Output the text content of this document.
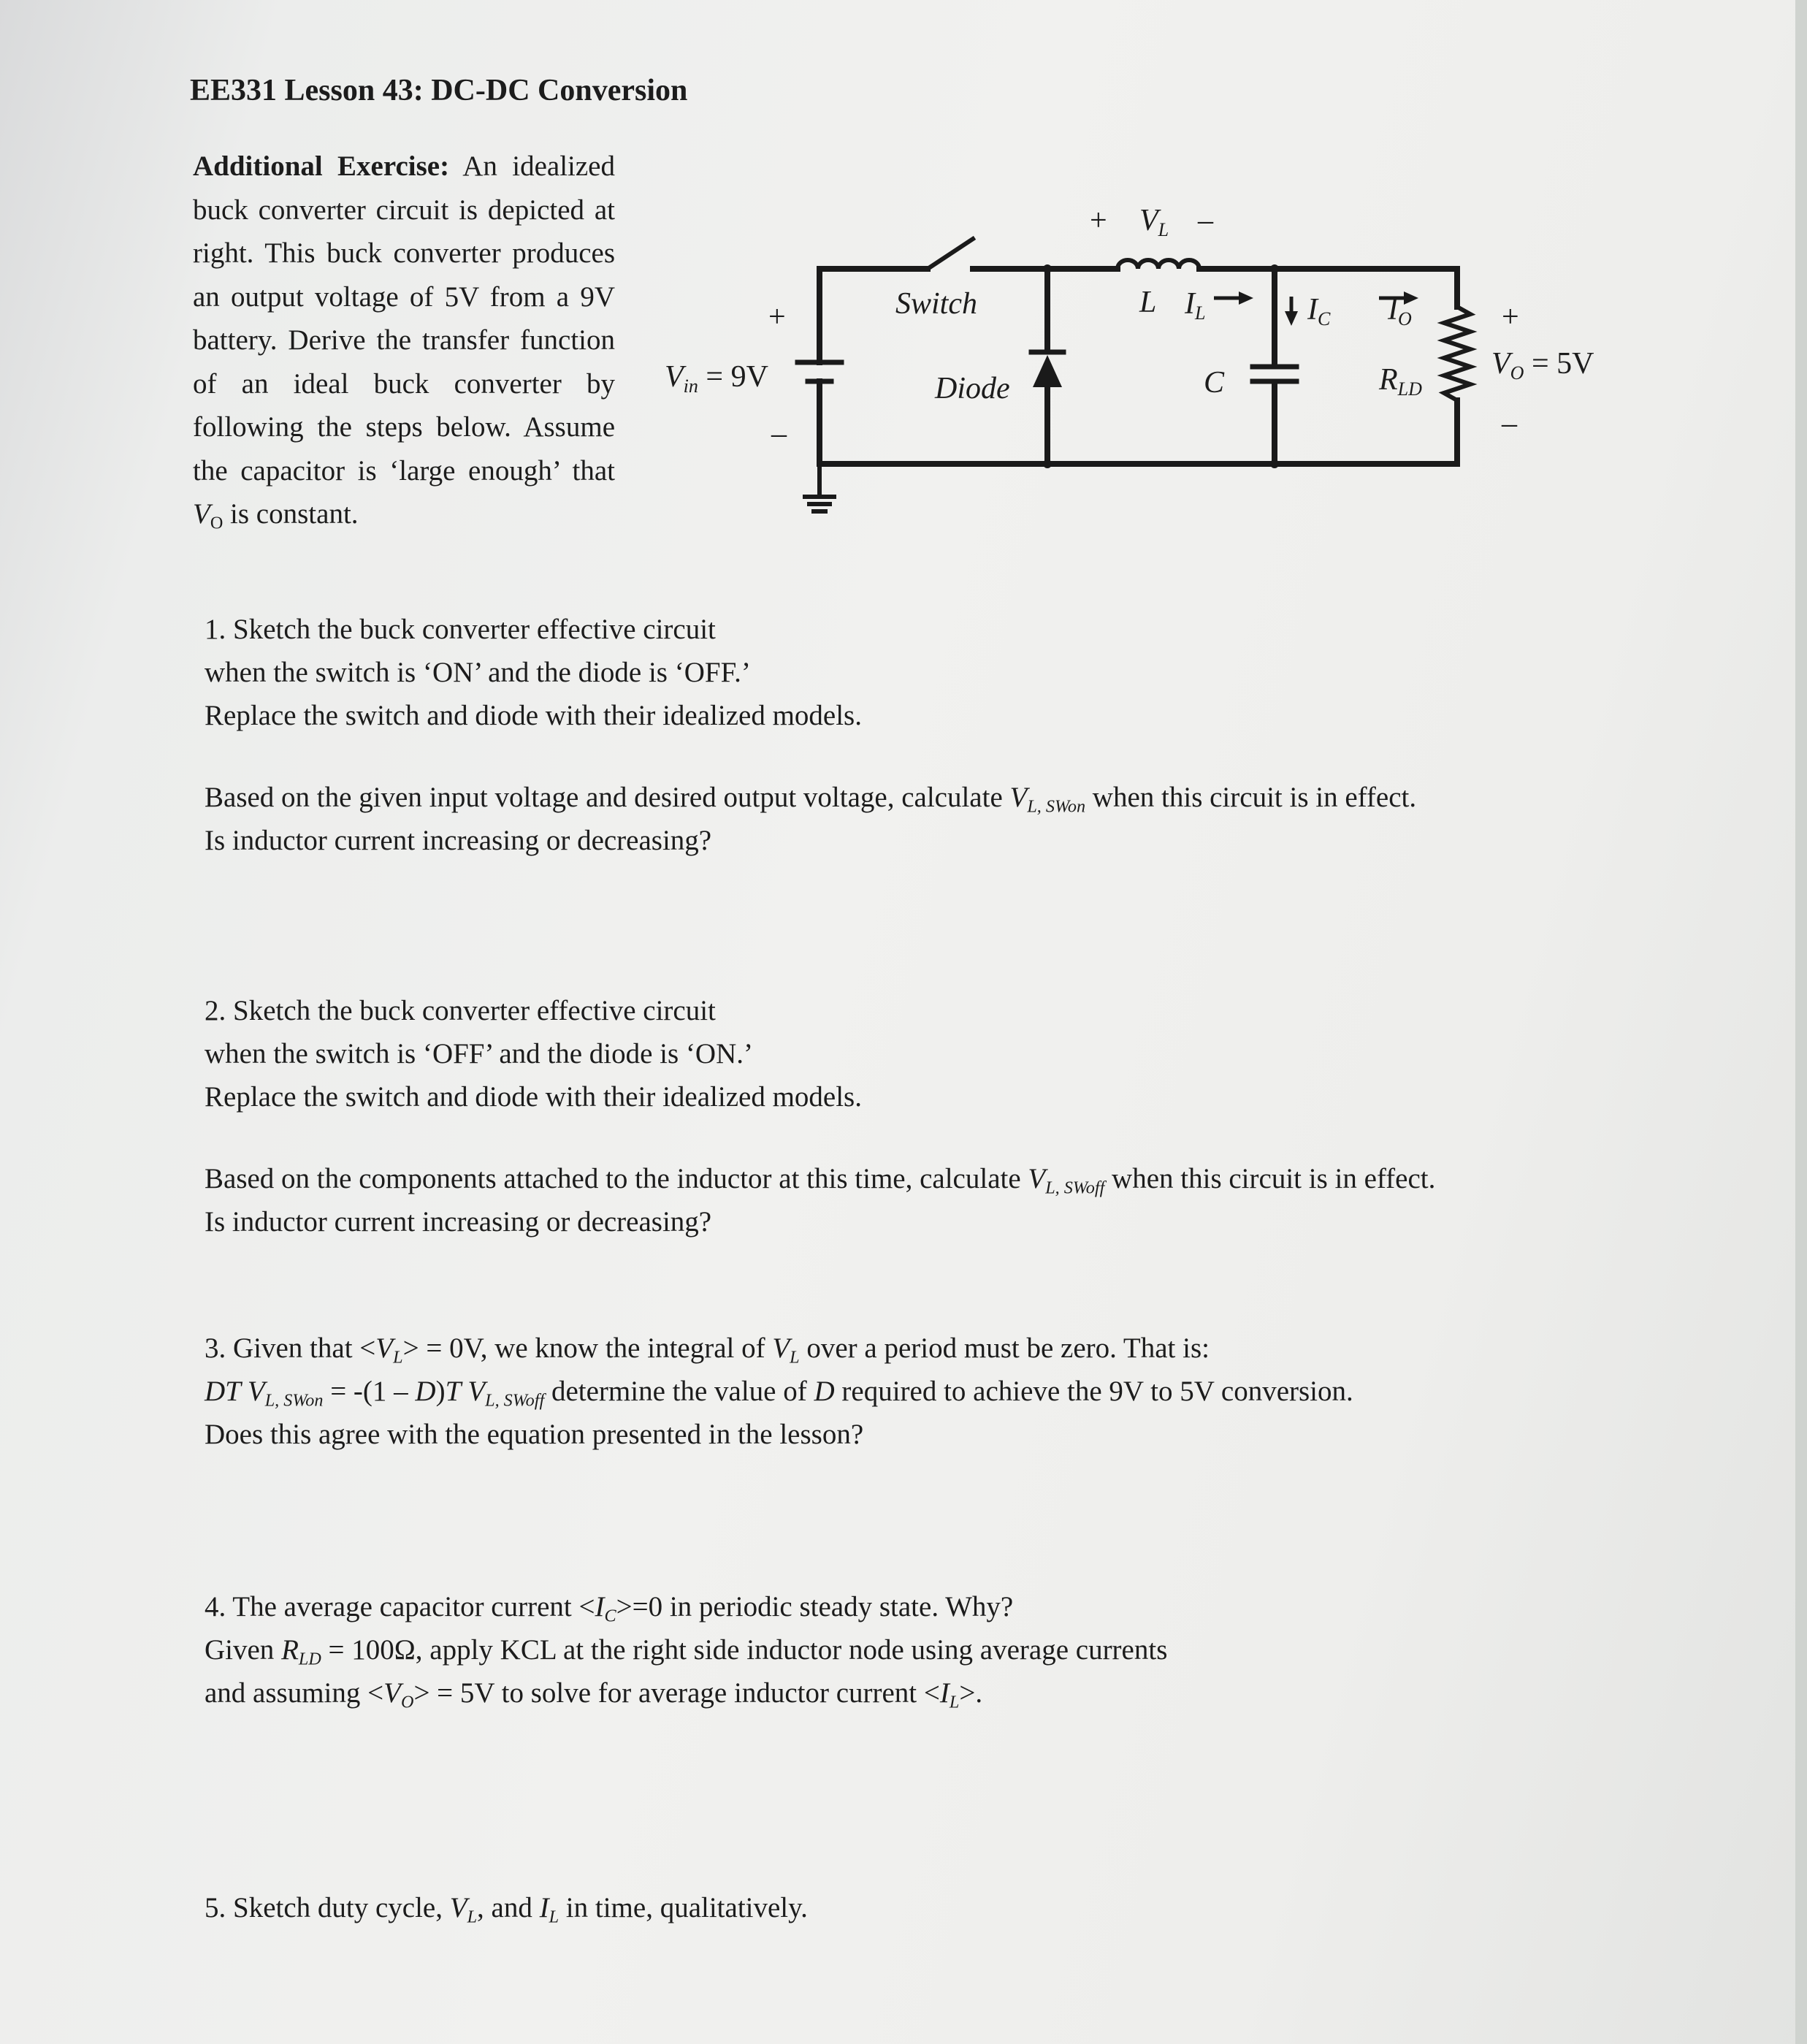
EE331 Lesson 43: DC-DC Conversion
Additional Exercise: An idealized buck converter circuit is depicted at right. This buck converter produces an output voltage of 5V from a 9V battery. Derive the transfer function of an ideal buck converter by following the steps below. Assume the capacitor is ‘large enough’ that $V_O$ is constant.
+ $V_L$ –
Switch	L $I_L$	$I_C$ $I_O$
+
$V_{in} = 9V$
–
Diode	C	$R_{LD}$
+
$V_O = 5V$
–
1. Sketch the buck converter effective circuit
when the switch is ‘ON’ and the diode is ‘OFF.’
Replace the switch and diode with their idealized models.
Based on the given input voltage and desired output voltage, calculate $V_{L, SWon}$ when this circuit is in effect.
Is inductor current increasing or decreasing?
2. Sketch the buck converter effective circuit
when the switch is ‘OFF’ and the diode is ‘ON.’
Replace the switch and diode with their idealized models.
Based on the components attached to the inductor at this time, calculate $V_{L, SWoff}$ when this circuit is in effect.
Is inductor current increasing or decreasing?
3. Given that $<V_L> = 0V$, we know the integral of $V_L$ over a period must be zero. That is:
DT $V_{L, SWon} = -(1 - D)T$ $V_{L, SWoff}$ determine the value of D required to achieve the 9V to 5V conversion.
Does this agree with the equation presented in the lesson?
4. The average capacitor current $<I_C>=0$ in periodic steady state. Why?
Given $R_{LD} = 100\Omega$, apply KCL at the right side inductor node using average currents
and assuming $<V_O> = 5V$ to solve for average inductor current $<I_L>$.
5. Sketch duty cycle, $V_L$, and $I_L$ in time, qualitatively.
